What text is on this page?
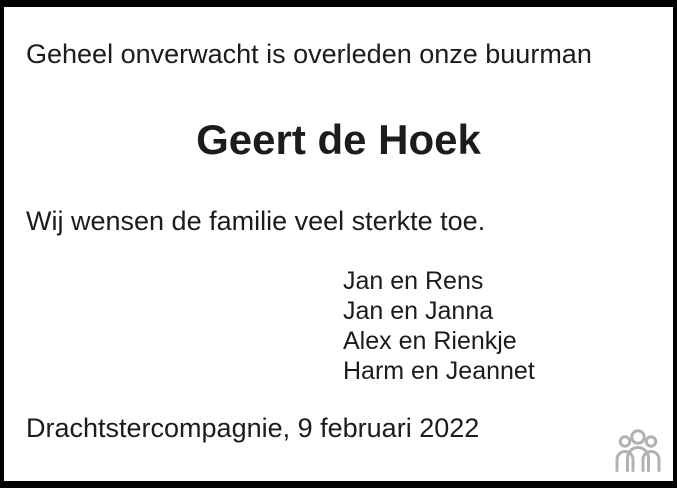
Geheel onverwacht is overleden onze buurman
Geert de Hoek
Wij wensen de familie veel sterkte toe.
Jan en Rens
Jan en Janna
Alex en Rienkje
Harm en Jeannet
Drachtstercompagnie, 9 februari 2022
